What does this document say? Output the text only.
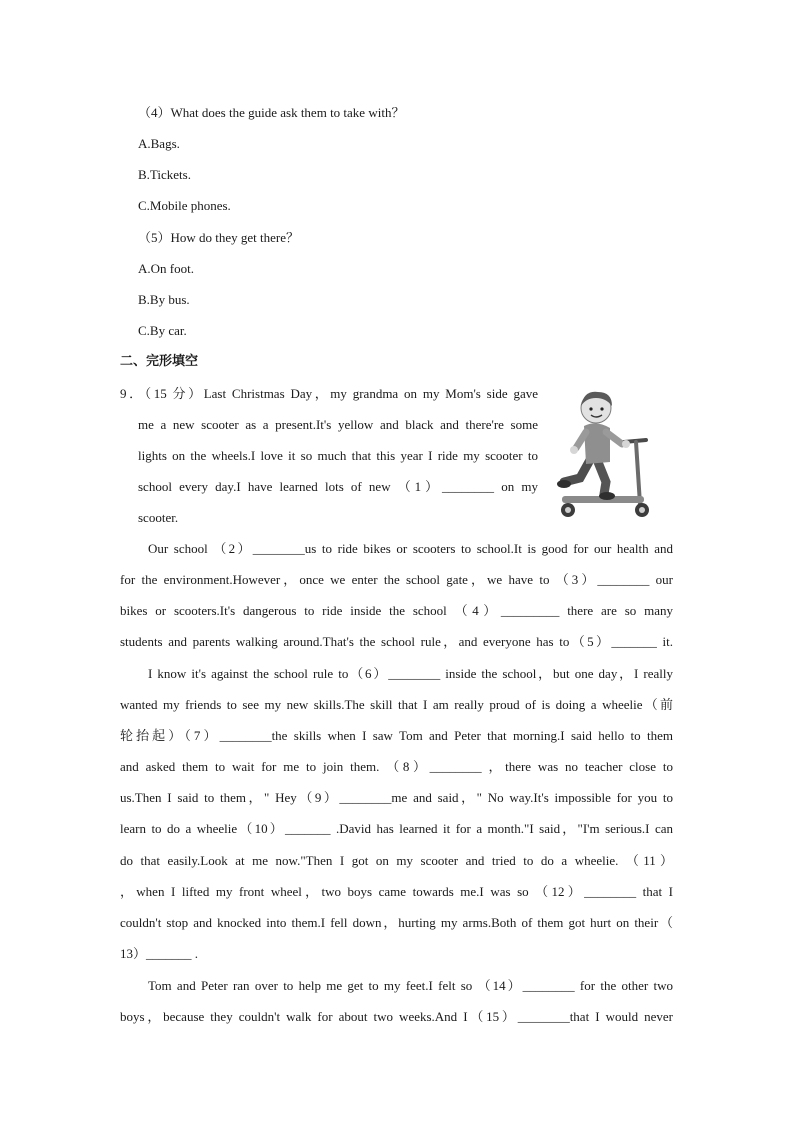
（4）What does the guide ask them to take with？
A.Bags.
B.Tickets.
C.Mobile phones.
（5）How do they get there？
A.On foot.
B.By bus.
C.By car.
二、完形填空
9．（15 分）Last Christmas Day，my grandma on my Mom's side gave
me a new scooter as a present.It's yellow and black and there're some
lights on the wheels.I love it so much that this year I ride my scooter to
school every day.I have learned lots of new （1）________ on my
scooter.
Our school （2）________us to ride bikes or scooters to school.It is good for our health and
for the environment.However，once we enter the school gate，we have to （3）________ our
bikes or scooters.It's dangerous to ride inside the school （4）_________ there are so many
students and parents walking around.That's the school rule，and everyone has to（5）_______ it.
I know it's against the school rule to（6）________ inside the school，but one day，I really
wanted my friends to see my new skills.The skill that I am really proud of is doing a wheelie（前
轮抬起）（7）________the skills when I saw Tom and Peter that morning.I said hello to them
and asked them to wait for me to join them. （8）________ ，there was no teacher close to
us.Then I said to them，" Hey（9）________me and said，" No way.It's impossible for you to
learn to do a wheelie（10）_______ .David has learned it for a month."I said，"I'm serious.I can
do that easily.Look at me now."Then I got on my scooter and tried to do a wheelie. （11）
，when I lifted my front wheel，two boys came towards me.I was so （12）________ that I
couldn't stop and knocked into them.I fell down，hurting my arms.Both of them got hurt on their（
13）_______ .
Tom and Peter ran over to help me get to my feet.I felt so （14）________ for the other two
boys，because they couldn't walk for about two weeks.And I（15）________that I would never
